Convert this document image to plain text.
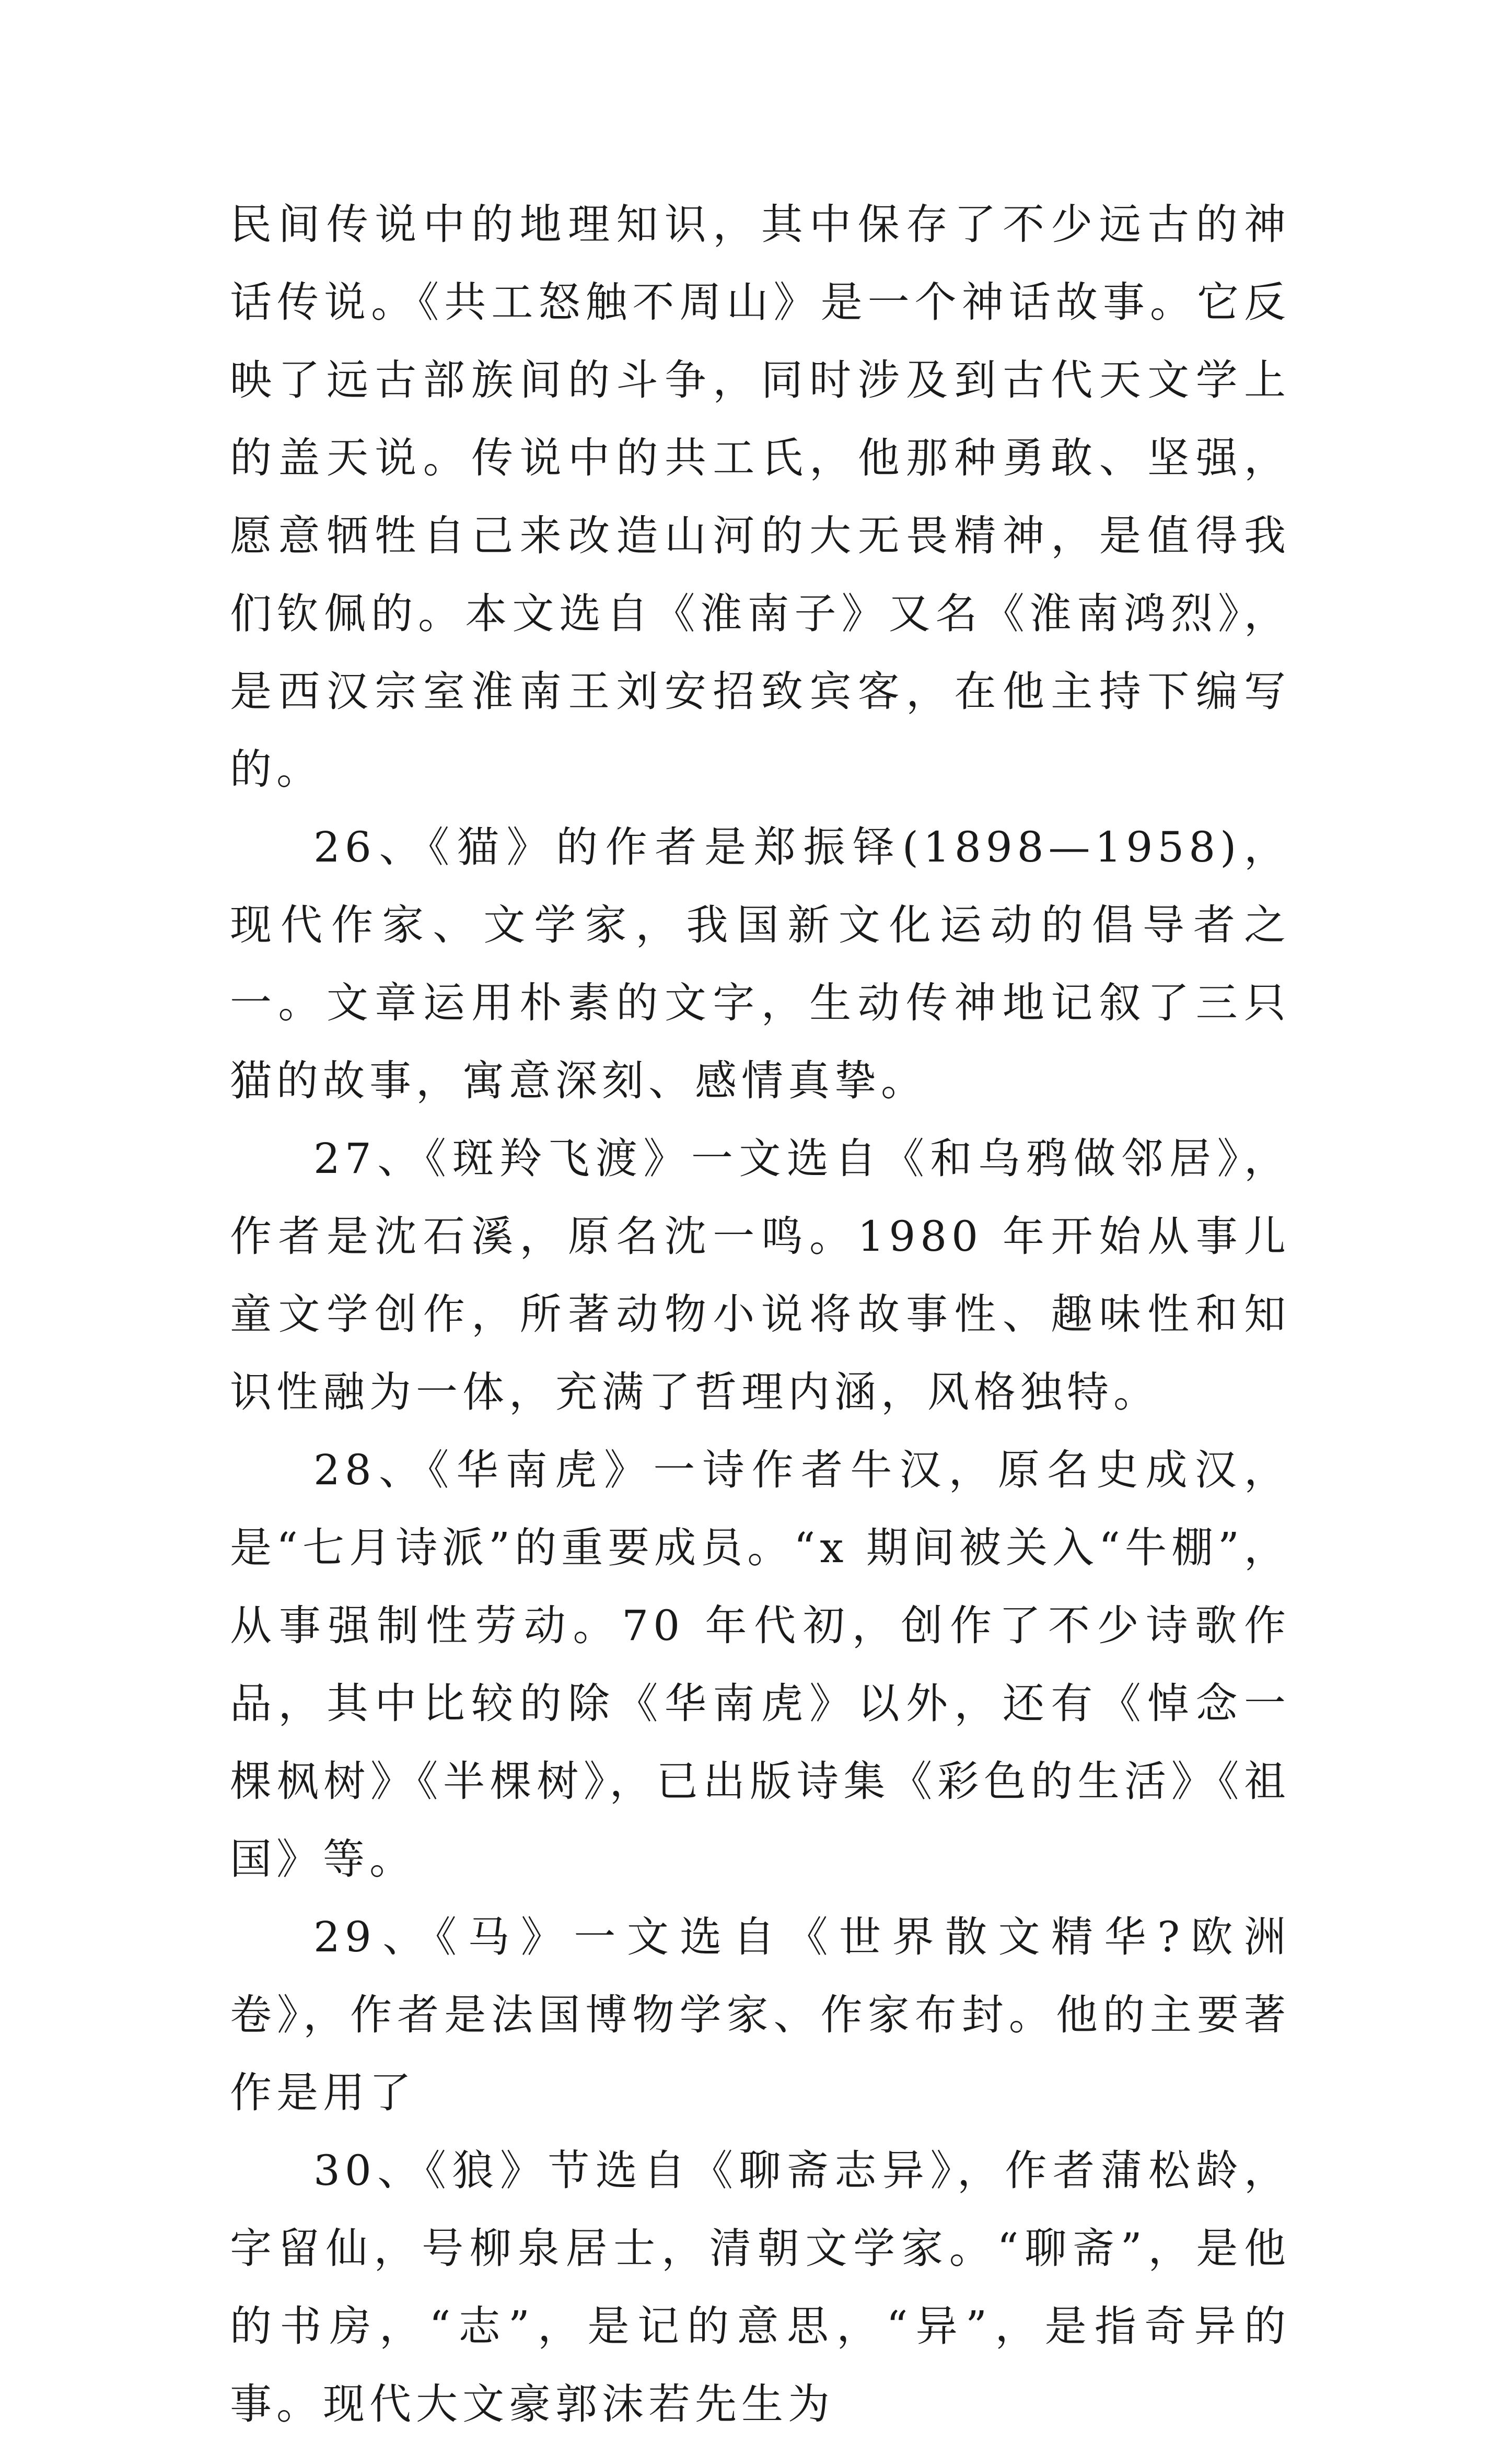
民间传说中的地理知识，其中保存了不少远古的神话传说。《共工怒触不周山》是一个神话故事。它反映了远古部族间的斗争，同时涉及到古代天文学上的盖天说。传说中的共工氏，他那种勇敢、坚强，愿意牺牲自己来改造山河的大无畏精神，是值得我们钦佩的。本文选自《淮南子》又名《淮南鸿烈》，是西汉宗室淮南王刘安招致宾客，在他主持下编写的。

26、《猫》的作者是郑振铎(1898—1958)，现代作家、文学家，我国新文化运动的倡导者之一。文章运用朴素的文字，生动传神地记叙了三只猫的故事，寓意深刻、感情真挚。

27、《斑羚飞渡》一文选自《和乌鸦做邻居》，作者是沈石溪，原名沈一鸣。1980 年开始从事儿童文学创作，所著动物小说将故事性、趣味性和知识性融为一体，充满了哲理内涵，风格独特。

28、《华南虎》一诗作者牛汉，原名史成汉，是“七月诗派”的重要成员。“x 期间被关入“牛棚”，从事强制性劳动。70 年代初，创作了不少诗歌作品，其中比较的除《华南虎》以外，还有《悼念一棵枫树》《半棵树》，已出版诗集《彩色的生活》《祖国》等。

29、《马》一文选自《世界散文精华?欧洲卷》，作者是法国博物学家、作家布封。他的主要著作是用了

30、《狼》节选自《聊斋志异》，作者蒲松龄，字留仙，号柳泉居士，清朝文学家。“聊斋”，是他的书房，“志”，是记的意思，“异”，是指奇异的事。现代大文豪郭沫若先生为
